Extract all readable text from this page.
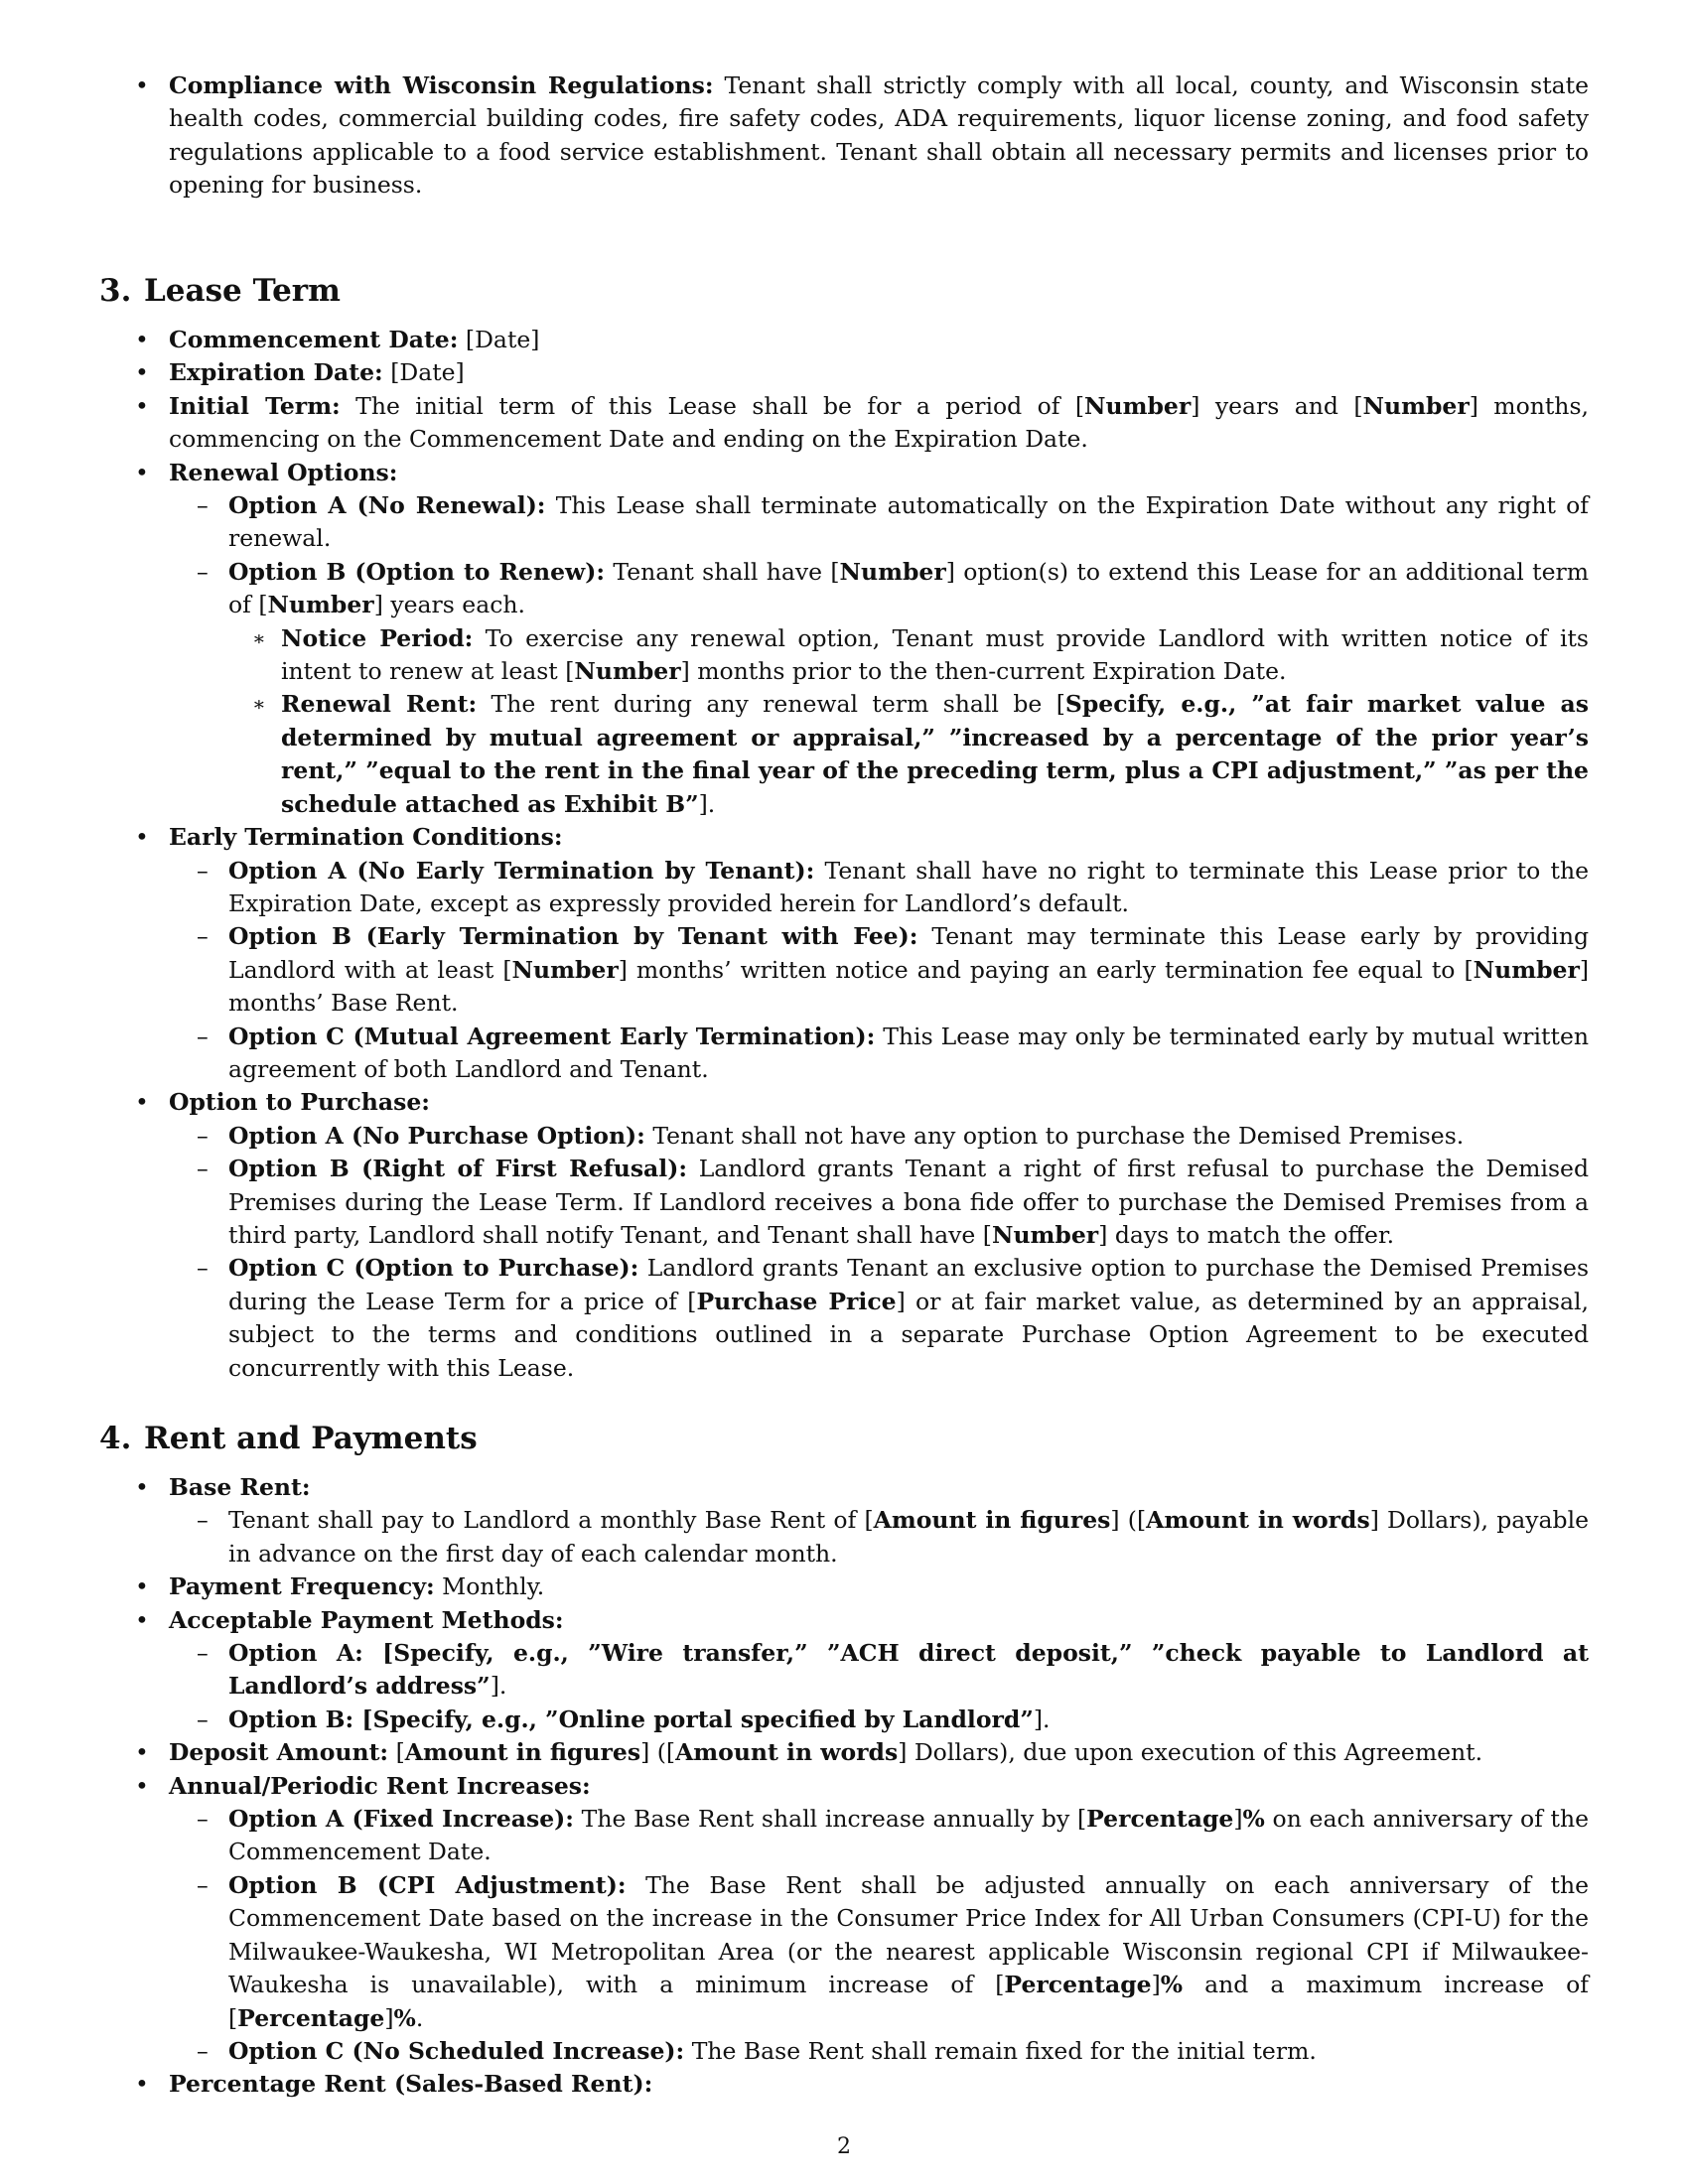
• Compliance with Wisconsin Regulations: Tenant shall strictly comply with all local, county, and Wisconsin state health codes, commercial building codes, fire safety codes, ADA requirements, liquor license zoning, and food safety regulations applicable to a food service establishment. Tenant shall obtain all necessary permits and licenses prior to opening for business.
3. Lease Term
• Commencement Date: [Date]
• Expiration Date: [Date]
• Initial Term: The initial term of this Lease shall be for a period of [Number] years and [Number] months, commencing on the Commencement Date and ending on the Expiration Date.
• Renewal Options:
– Option A (No Renewal): This Lease shall terminate automatically on the Expiration Date without any right of renewal.
– Option B (Option to Renew): Tenant shall have [Number] option(s) to extend this Lease for an additional term of [Number] years each.
∗ Notice Period: To exercise any renewal option, Tenant must provide Landlord with written notice of its intent to renew at least [Number] months prior to the then-current Expiration Date.
∗ Renewal Rent: The rent during any renewal term shall be [Specify, e.g., ”at fair market value as determined by mutual agreement or appraisal,” ”increased by a percentage of the prior year’s rent,” ”equal to the rent in the final year of the preceding term, plus a CPI adjustment,” ”as per the schedule attached as Exhibit B”].
• Early Termination Conditions:
– Option A (No Early Termination by Tenant): Tenant shall have no right to terminate this Lease prior to the Expiration Date, except as expressly provided herein for Landlord’s default.
– Option B (Early Termination by Tenant with Fee): Tenant may terminate this Lease early by providing Landlord with at least [Number] months’ written notice and paying an early termination fee equal to [Number] months’ Base Rent.
– Option C (Mutual Agreement Early Termination): This Lease may only be terminated early by mutual written agreement of both Landlord and Tenant.
• Option to Purchase:
– Option A (No Purchase Option): Tenant shall not have any option to purchase the Demised Premises.
– Option B (Right of First Refusal): Landlord grants Tenant a right of first refusal to purchase the Demised Premises during the Lease Term. If Landlord receives a bona fide offer to purchase the Demised Premises from a third party, Landlord shall notify Tenant, and Tenant shall have [Number] days to match the offer.
– Option C (Option to Purchase): Landlord grants Tenant an exclusive option to purchase the Demised Premises during the Lease Term for a price of [Purchase Price] or at fair market value, as determined by an appraisal, subject to the terms and conditions outlined in a separate Purchase Option Agreement to be executed concurrently with this Lease.
4. Rent and Payments
• Base Rent:
– Tenant shall pay to Landlord a monthly Base Rent of [Amount in figures] ([Amount in words] Dollars), payable in advance on the first day of each calendar month.
• Payment Frequency: Monthly.
• Acceptable Payment Methods:
– Option A: [Specify, e.g., ”Wire transfer,” ”ACH direct deposit,” ”check payable to Landlord at Landlord’s address”].
– Option B: [Specify, e.g., ”Online portal specified by Landlord”].
• Deposit Amount: [Amount in figures] ([Amount in words] Dollars), due upon execution of this Agreement.
• Annual/Periodic Rent Increases:
– Option A (Fixed Increase): The Base Rent shall increase annually by [Percentage]% on each anniversary of the Commencement Date.
– Option B (CPI Adjustment): The Base Rent shall be adjusted annually on each anniversary of the Commencement Date based on the increase in the Consumer Price Index for All Urban Consumers (CPI-U) for the Milwaukee-Waukesha, WI Metropolitan Area (or the nearest applicable Wisconsin regional CPI if Milwaukee-Waukesha is unavailable), with a minimum increase of [Percentage]% and a maximum increase of [Percentage]%.
– Option C (No Scheduled Increase): The Base Rent shall remain fixed for the initial term.
• Percentage Rent (Sales-Based Rent):
2
